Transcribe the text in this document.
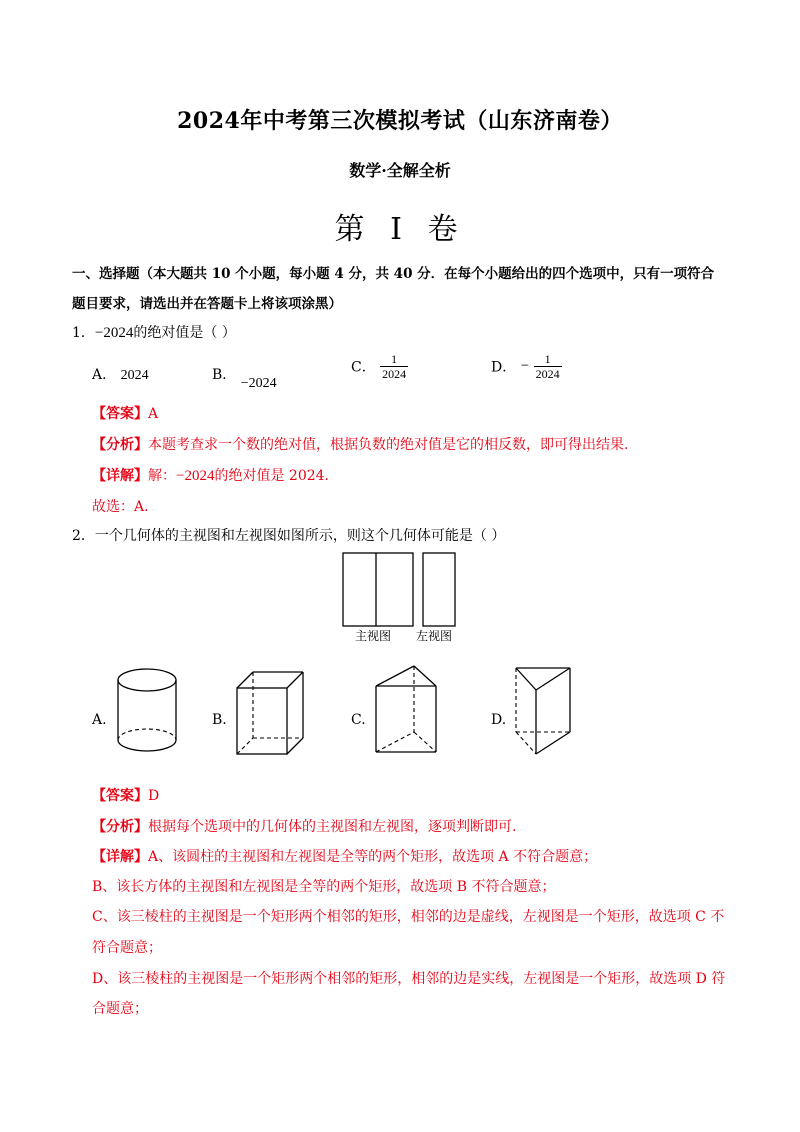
2024年中考第三次模拟考试（山东济南卷）
数学·全解全析
第 I 卷
一、选择题（本大题共 10 个小题，每小题 4 分，共 40 分．在每个小题给出的四个选项中，只有一项符合
题目要求，请选出并在答题卡上将该项涂黑）
1．−2024的绝对值是（ ）
A． 2024	B． −2024
C． $\frac{1}{2024}$	D． − $\frac{1}{2024}$
【答案】A
【分析】本题考查求一个数的绝对值，根据负数的绝对值是它的相反数，即可得出结果.
【详解】解：−2024的绝对值是 2024.
故选：A.
2．一个几何体的主视图和左视图如图所示，则这个几何体可能是（ ）
主视图 左视图
A.	B.	C.	D.
【答案】D
【分析】根据每个选项中的几何体的主视图和左视图，逐项判断即可.
【详解】A、该圆柱的主视图和左视图是全等的两个矩形，故选项 A 不符合题意；
B、该长方体的主视图和左视图是全等的两个矩形，故选项 B 不符合题意；
C、该三棱柱的主视图是一个矩形两个相邻的矩形，相邻的边是虚线，左视图是一个矩形，故选项 C 不
符合题意；
D、该三棱柱的主视图是一个矩形两个相邻的矩形，相邻的边是实线，左视图是一个矩形，故选项 D 符
合题意；
